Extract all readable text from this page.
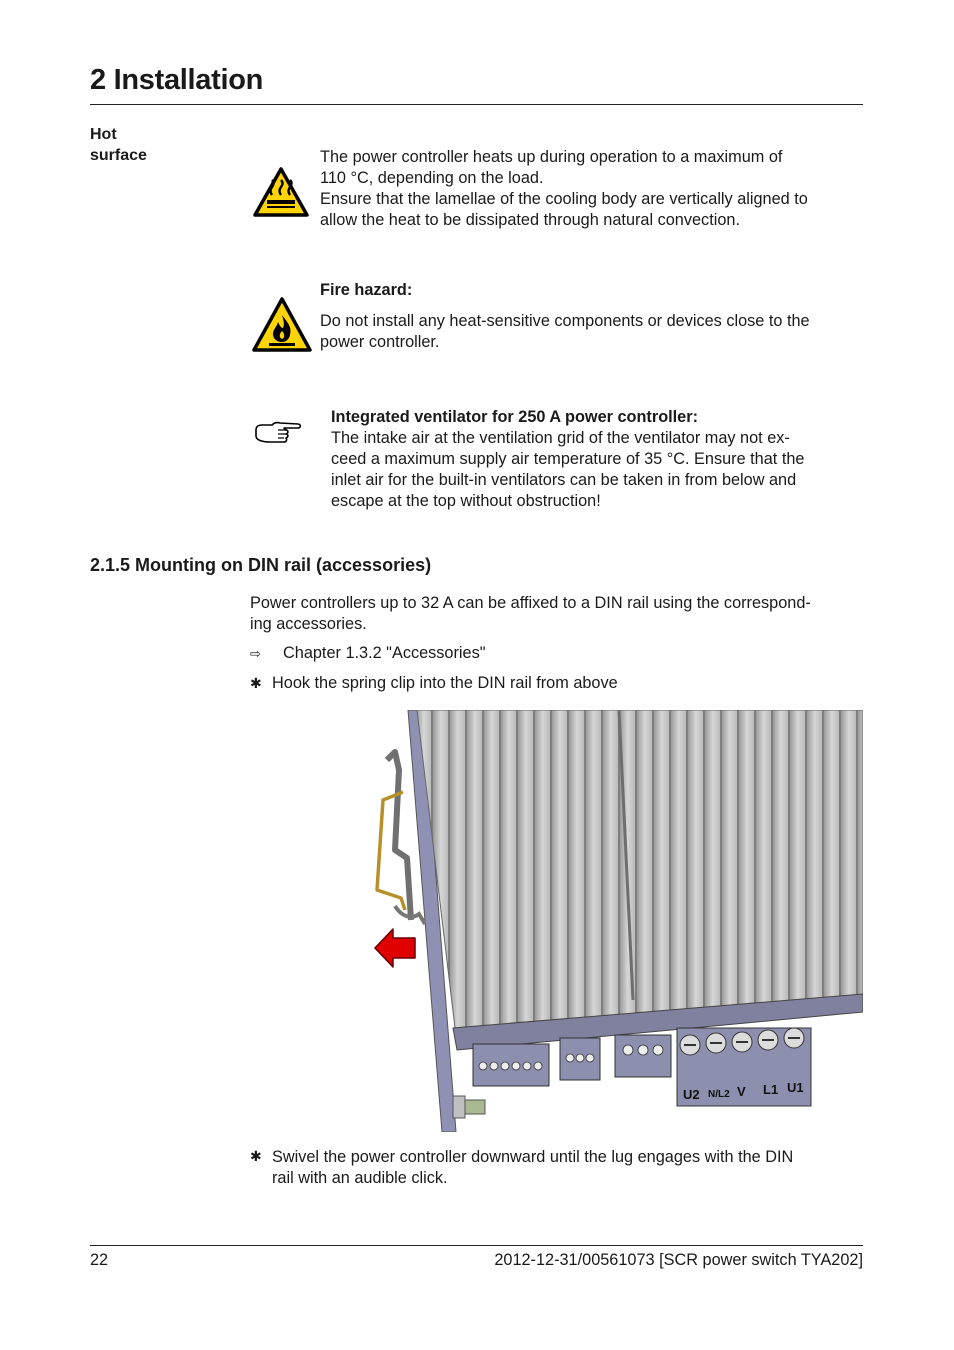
2 Installation
Hot
surface	The power controller heats up during operation to a maximum of
110 °C, depending on the load.
Ensure that the lamellae of the cooling body are vertically aligned to
allow the heat to be dissipated through natural convection.
Fire hazard:
Do not install any heat-sensitive components or devices close to the
power controller.
Integrated ventilator for 250 A power controller:
The intake air at the ventilation grid of the ventilator may not ex-
ceed a maximum supply air temperature of 35 °C. Ensure that the
inlet air for the built-in ventilators can be taken in from below and
escape at the top without obstruction!
2.1.5 Mounting on DIN rail (accessories)
Power controllers up to 32 A can be affixed to a DIN rail using the correspond-
ing accessories.
⇨ Chapter 1.3.2 "Accessories"
✱ Hook the spring clip into the DIN rail from above
U2 N/L2 V L1 U1
✱ Swivel the power controller downward until the lug engages with the DIN
rail with an audible click.
22	2012-12-31/00561073 [SCR power switch TYA202]
